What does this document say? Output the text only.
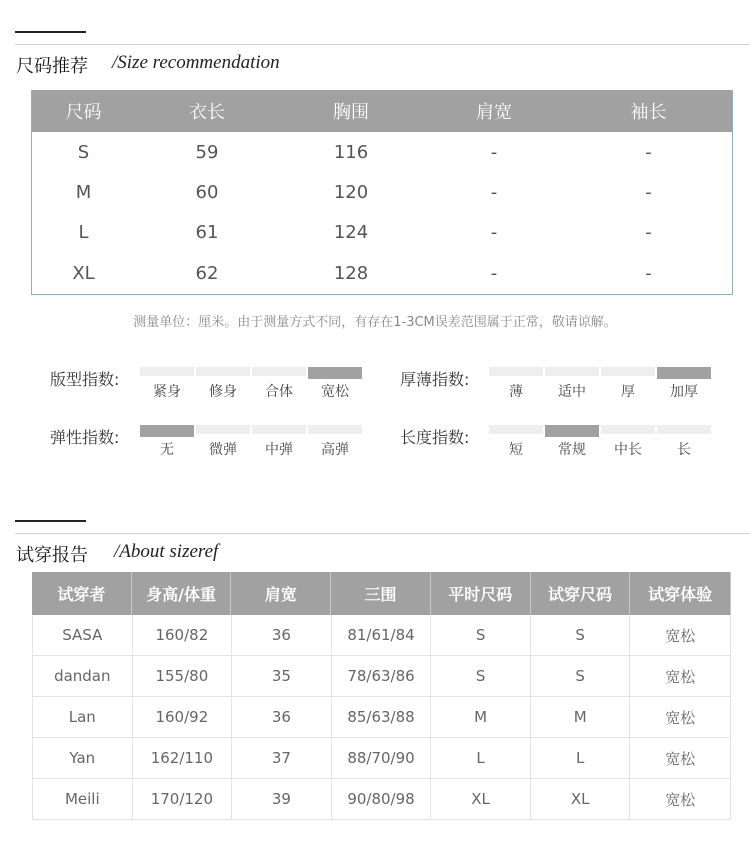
尺码推荐 /Size recommendation
尺码	衣长	胸围	肩宽	袖长
S	59	116	-	-
M	60	120	-	-
L	61	124	-	-
XL	62	128	-	-
测量单位：厘米。由于测量方式不同，有存在1-3CM误差范围属于正常，敬请谅解。
版型指数:
紧身	修身	合体	宽松
厚薄指数:
薄	适中	厚	加厚
弹性指数:
无	微弹	中弹	高弹
长度指数:
短	常规	中长	长
试穿报告 /About sizeref
试穿者	身高/体重	肩宽	三围	平时尺码	试穿尺码	试穿体验
SASA	160/82	36	81/61/84	S	S	宽松
dandan	155/80	35	78/63/86	S	S	宽松
Lan	160/92	36	85/63/88	M	M	宽松
Yan	162/110	37	88/70/90	L	L	宽松
Meili	170/120	39	90/80/98	XL	XL	宽松
